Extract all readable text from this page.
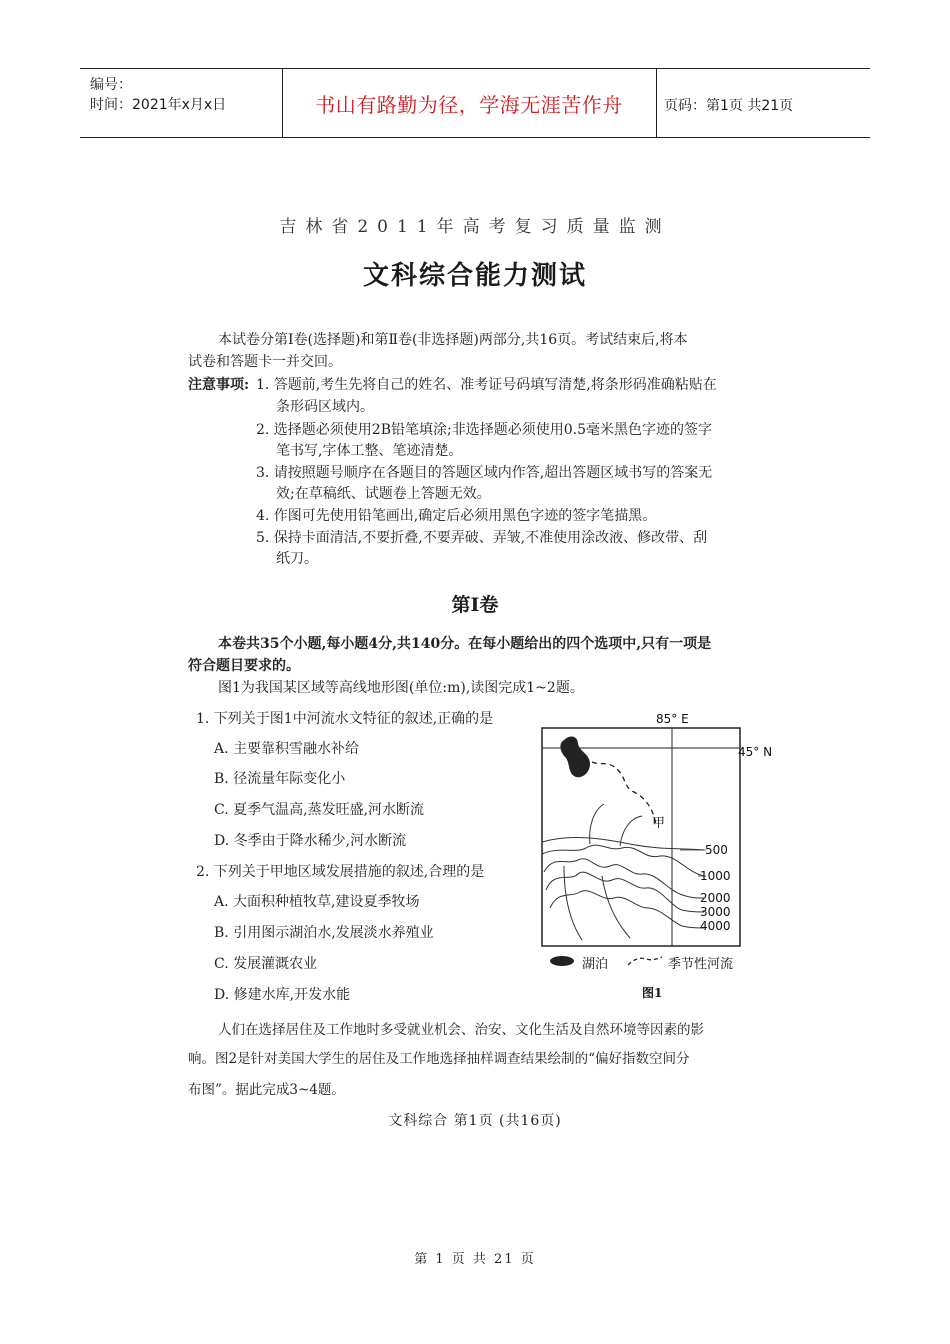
编号：
时间：2021年x月x日	书山有路勤为径，学海无涯苦作舟	页码：第1页 共21页
吉林省2011年高考复习质量监测
文科综合能力测试
本试卷分第Ⅰ卷(选择题)和第Ⅱ卷(非选择题)两部分,共16页。考试结束后,将本
试卷和答题卡一并交回。
注意事项: 1. 答题前,考生先将自己的姓名、准考证号码填写清楚,将条形码准确粘贴在
条形码区域内。
2. 选择题必须使用2B铅笔填涂;非选择题必须使用0.5毫米黑色字迹的签字
笔书写,字体工整、笔迹清楚。
3. 请按照题号顺序在各题目的答题区域内作答,超出答题区域书写的答案无
效;在草稿纸、试题卷上答题无效。
4. 作图可先使用铅笔画出,确定后必须用黑色字迹的签字笔描黑。
5. 保持卡面清洁,不要折叠,不要弄破、弄皱,不准使用涂改液、修改带、刮
纸刀。
第Ⅰ卷
本卷共35个小题,每小题4分,共140分。在每小题给出的四个选项中,只有一项是
符合题目要求的。
图1为我国某区域等高线地形图(单位:m),读图完成1~2题。
1. 下列关于图1中河流水文特征的叙述,正确的是
A. 主要靠积雪融水补给
B. 径流量年际变化小
C. 夏季气温高,蒸发旺盛,河水断流
D. 冬季由于降水稀少,河水断流
2. 下列关于甲地区域发展措施的叙述,合理的是
A. 大面积种植牧草,建设夏季牧场
B. 引用图示湖泊水,发展淡水养殖业
C. 发展灌溉农业
D. 修建水库,开发水能
85° E
45° N
甲
500
1000
2000
3000
4000
湖泊	季节性河流
图1
人们在选择居住及工作地时多受就业机会、治安、文化生活及自然环境等因素的影
响。图2是针对美国大学生的居住及工作地选择抽样调查结果绘制的“偏好指数空间分
布图”。据此完成3~4题。
文科综合 第1页 (共16页)
第 1 页 共 21 页
